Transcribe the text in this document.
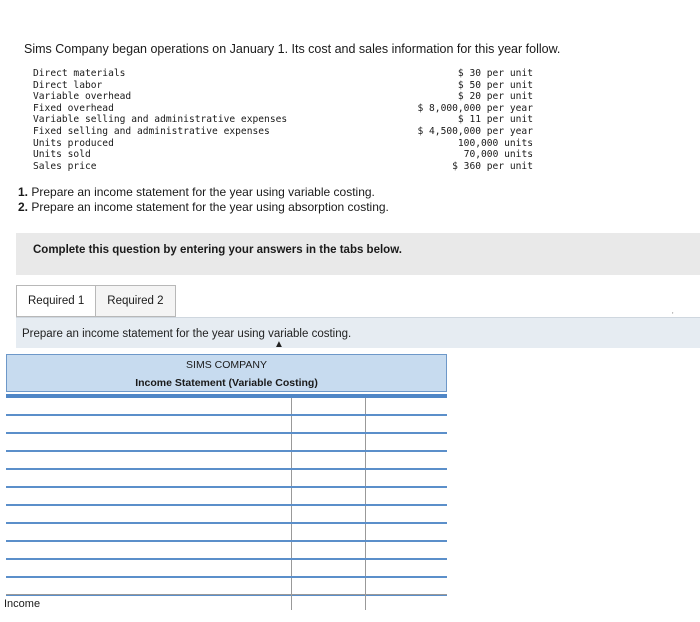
Sims Company began operations on January 1. Its cost and sales information for this year follow.
Direct materials	$ 30 per unit
Direct labor	$ 50 per unit
Variable overhead	$ 20 per unit
Fixed overhead	$ 8,000,000 per year
Variable selling and administrative expenses	$ 11 per unit
Fixed selling and administrative expenses	$ 4,500,000 per year
Units produced	100,000 units
Units sold	70,000 units
Sales price	$ 360 per unit
1. Prepare an income statement for the year using variable costing.
2. Prepare an income statement for the year using absorption costing.
Complete this question by entering your answers in the tabs below.
Required 1	Required 2
'
Prepare an income statement for the year using variable costing.
▲
SIMS COMPANY
Income Statement (Variable Costing)
Income
